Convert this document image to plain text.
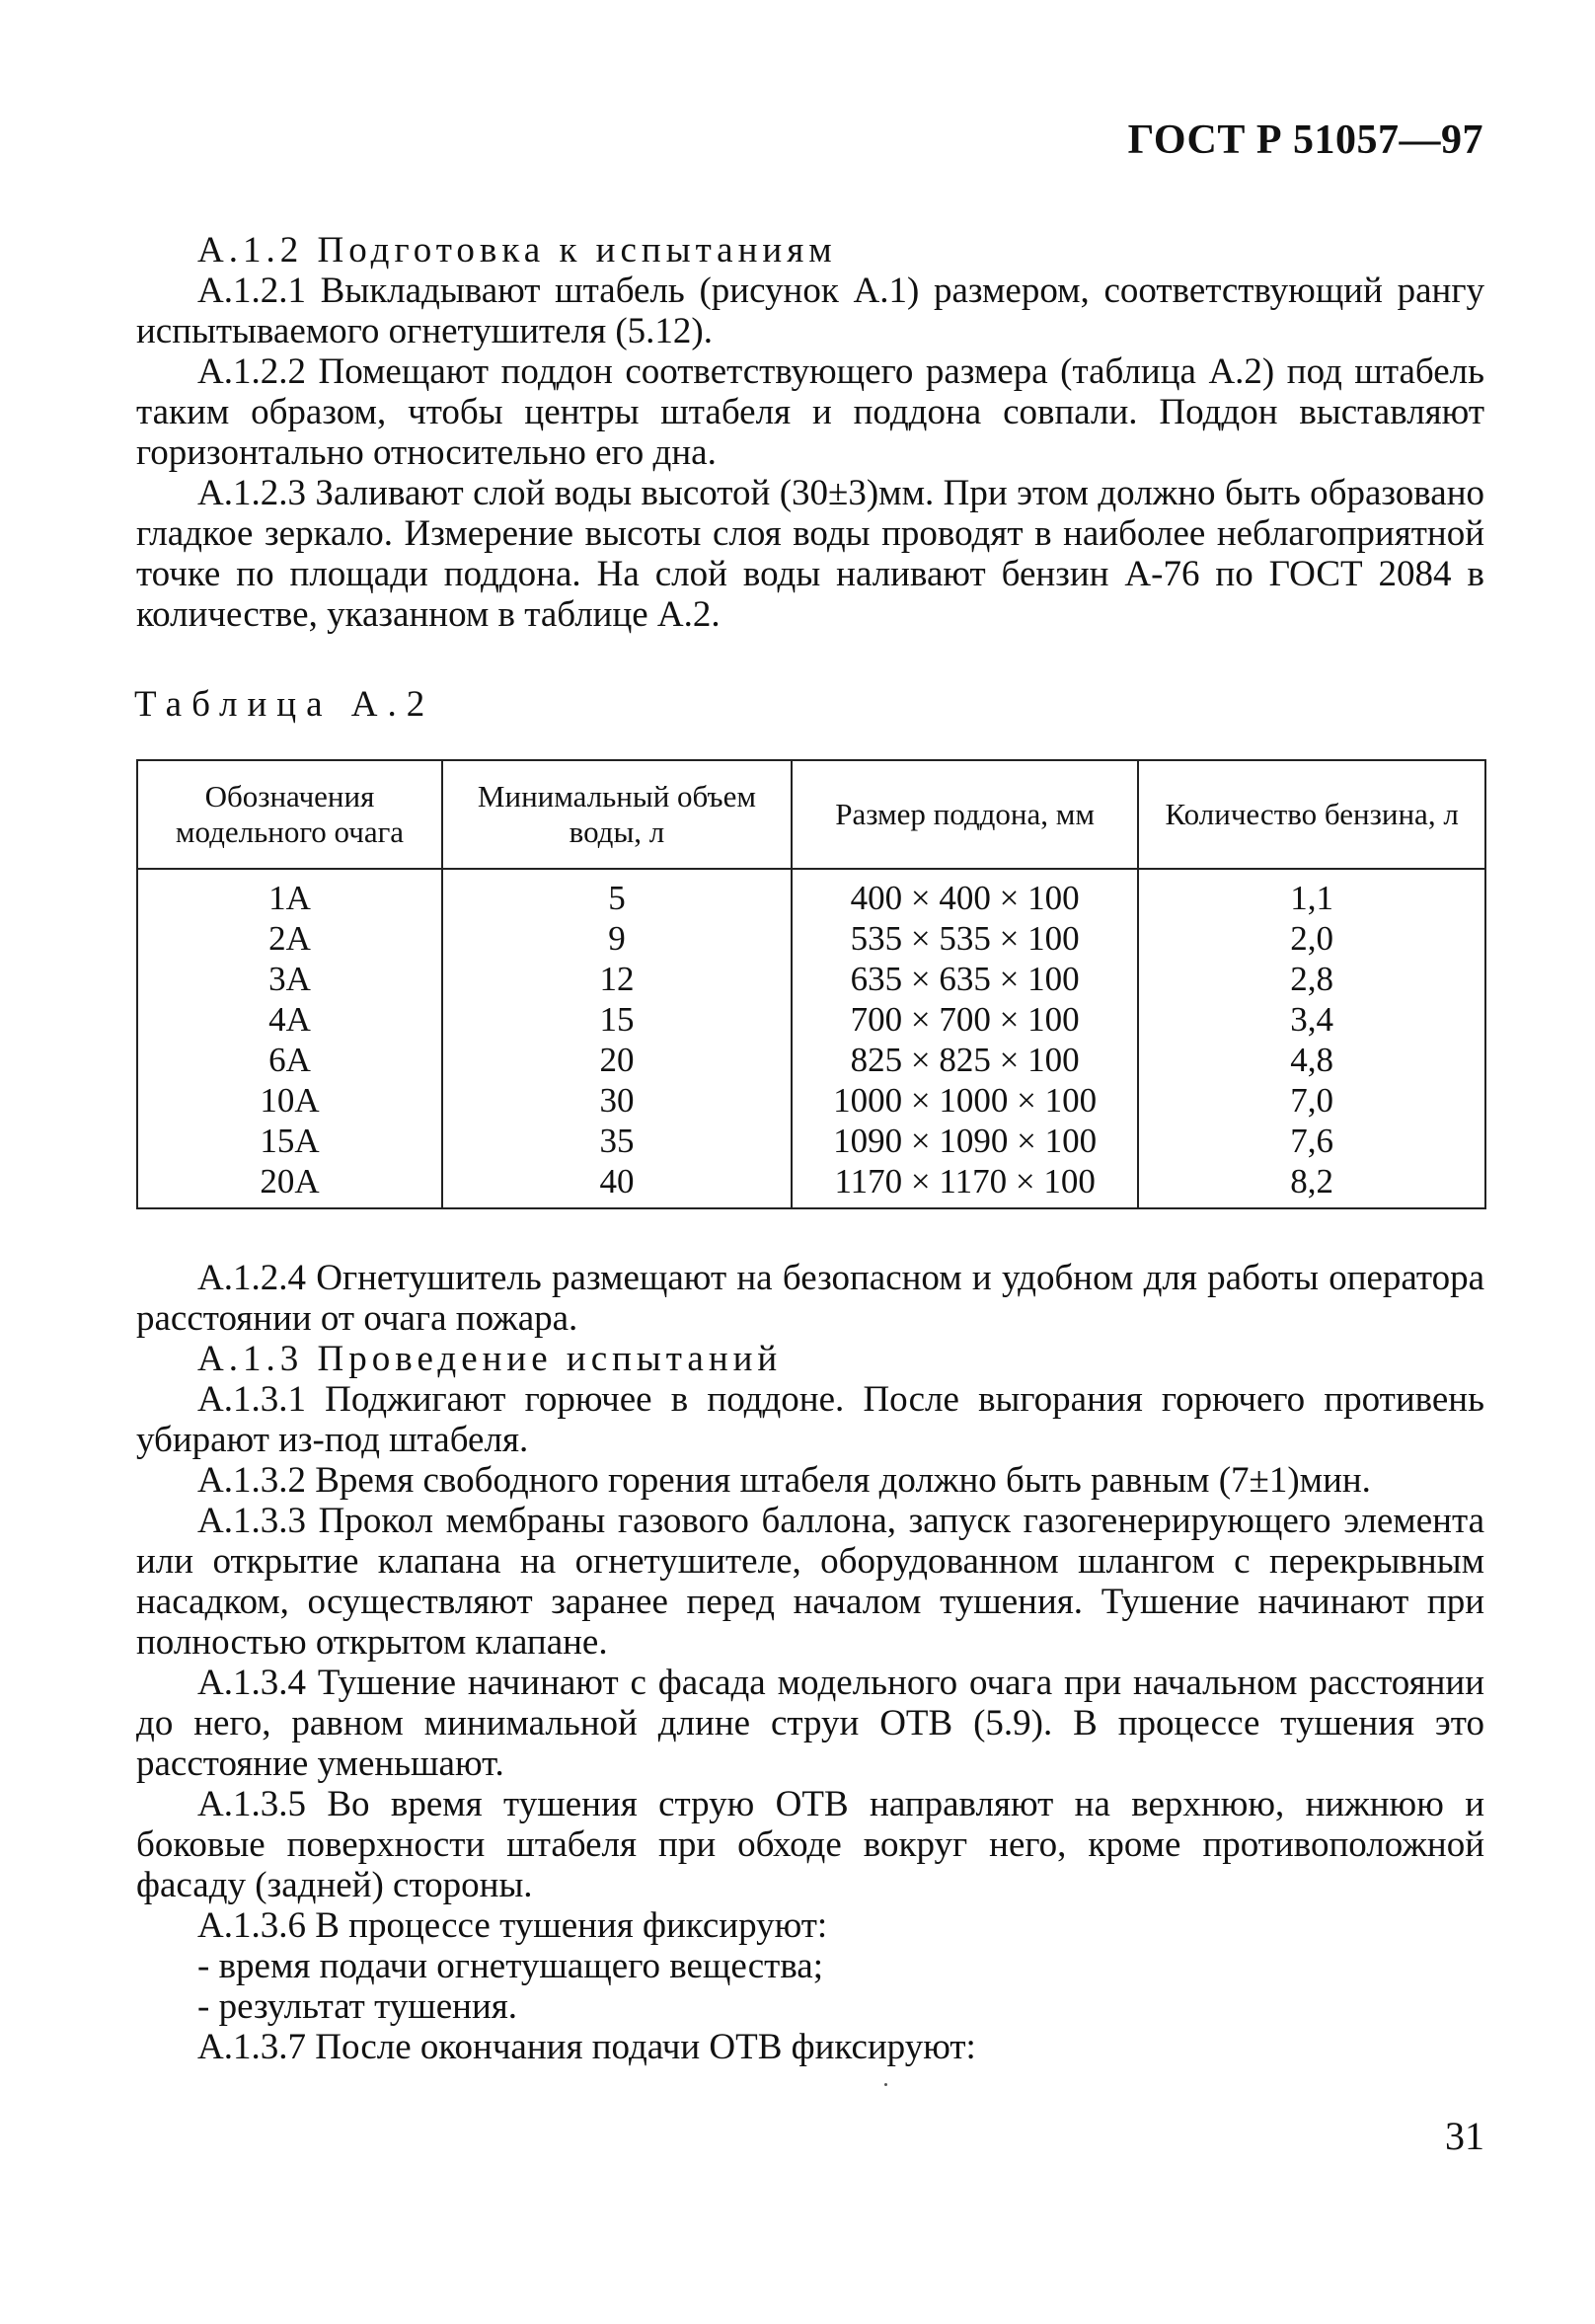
ГОСТ Р 51057—97

А.1.2 Подготовка к испытаниям

А.1.2.1 Выкладывают штабель (рисунок А.1) размером, соответствующий рангу испытываемого огнетушителя (5.12).

А.1.2.2 Помещают поддон соответствующего размера (таблица А.2) под штабель таким образом, чтобы центры штабеля и поддона совпали. Поддон выставляют горизонтально относительно его дна.

А.1.2.3 Заливают слой воды высотой (30±3)мм. При этом должно быть образовано гладкое зеркало. Измерение высоты слоя воды проводят в наиболее неблагоприятной точке по площади поддона. На слой воды наливают бензин А-76 по ГОСТ 2084 в количестве, указанном в таблице А.2.

Таблица А.2
Обозначения модельного очага	Минимальный объем воды, л	Размер поддона, мм	Количество бензина, л
1A	5	400 × 400 × 100	1,1
2A	9	535 × 535 × 100	2,0
3A	12	635 × 635 × 100	2,8
4A	15	700 × 700 × 100	3,4
6A	20	825 × 825 × 100	4,8
10A	30	1000 × 1000 × 100	7,0
15A	35	1090 × 1090 × 100	7,6
20A	40	1170 × 1170 × 100	8,2

А.1.2.4 Огнетушитель размещают на безопасном и удобном для работы оператора расстоянии от очага пожара.

А.1.3 Проведение испытаний

А.1.3.1 Поджигают горючее в поддоне. После выгорания горючего противень убирают из-под штабеля.

А.1.3.2 Время свободного горения штабеля должно быть равным (7±1)мин.

А.1.3.3 Прокол мембраны газового баллона, запуск газогенерирующего элемента или открытие клапана на огнетушителе, оборудованном шлангом с перекрывным насадком, осуществляют заранее перед началом тушения. Тушение начинают при полностью открытом клапане.

А.1.3.4 Тушение начинают с фасада модельного очага при начальном расстоянии до него, равном минимальной длине струи ОТВ (5.9). В процессе тушения это расстояние уменьшают.

А.1.3.5 Во время тушения струю ОТВ направляют на верхнюю, нижнюю и боковые поверхности штабеля при обходе вокруг него, кроме противоположной фасаду (задней) стороны.

А.1.3.6 В процессе тушения фиксируют:

- время подачи огнетушащего вещества;

- результат тушения.

А.1.3.7 После окончания подачи ОТВ фиксируют:

31
